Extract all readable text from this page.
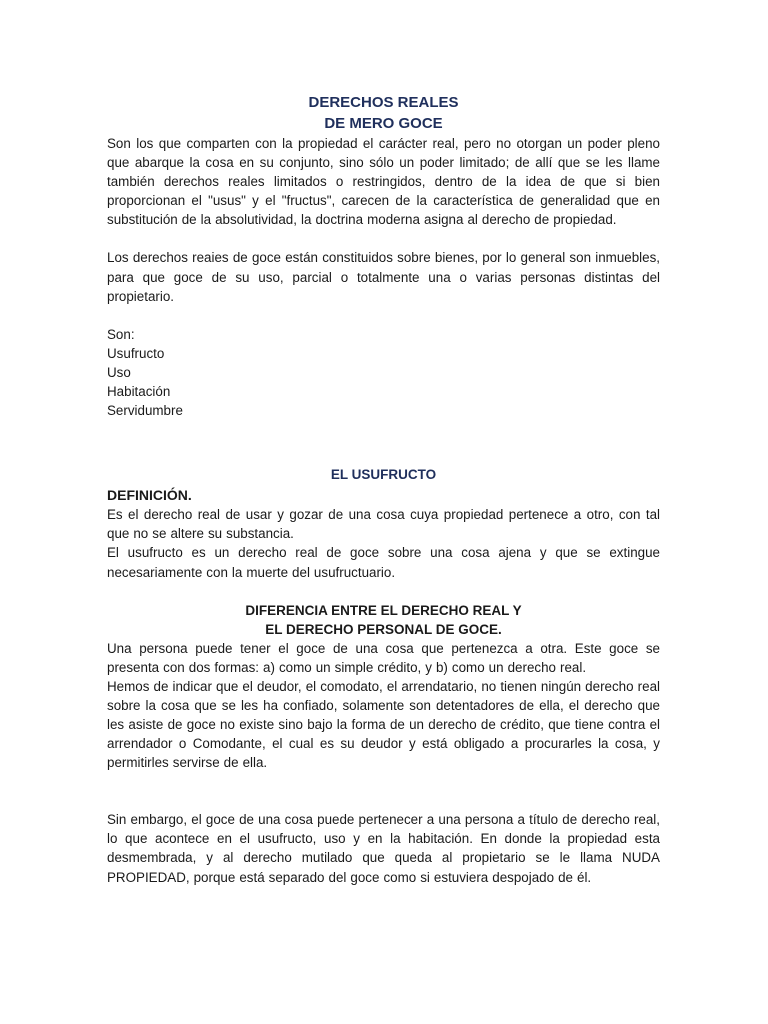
DERECHOS REALES
DE MERO GOCE

Son los que comparten con la propiedad el carácter real, pero no otorgan un poder pleno que abarque la cosa en su conjunto, sino sólo un poder limitado; de allí que se les llame también derechos reales limitados o restringidos, dentro de la idea de que si bien proporcionan el "usus" y el "fructus", carecen de la característica de generalidad que en substitución de la absolutividad, la doctrina moderna asigna al derecho de propiedad.

Los derechos reaies de goce están constituidos sobre bienes, por lo general son inmuebles, para que goce de su uso, parcial o totalmente una o varias personas distintas del propietario.

Son:
Usufructo
Uso
Habitación
Servidumbre
EL USUFRUCTO
DEFINICIÓN.

Es el derecho real de usar y gozar de una cosa cuya propiedad pertenece a otro, con tal que no se altere su substancia.

El usufructo es un derecho real de goce sobre una cosa ajena y que se extingue necesariamente con la muerte del usufructuario.

DIFERENCIA ENTRE EL DERECHO REAL Y
EL DERECHO PERSONAL DE GOCE.

Una persona puede tener el goce de una cosa que pertenezca a otra. Este goce se presenta con dos formas: a) como un simple crédito, y b) como un derecho real.

Hemos de indicar que el deudor, el comodato, el arrendatario, no tienen ningún derecho real sobre la cosa que se les ha confiado, solamente son detentadores de ella, el derecho que les asiste de goce no existe sino bajo la forma de un derecho de crédito, que tiene contra el arrendador o Comodante, el cual es su deudor y está obligado a procurarles la cosa, y permitirles servirse de ella.

Sin embargo, el goce de una cosa puede pertenecer a una persona a título de derecho real, lo que acontece en el usufructo, uso y en la habitación. En donde la propiedad esta desmembrada, y al derecho mutilado que queda al propietario se le llama NUDA PROPIEDAD, porque está separado del goce como si estuviera despojado de él.
